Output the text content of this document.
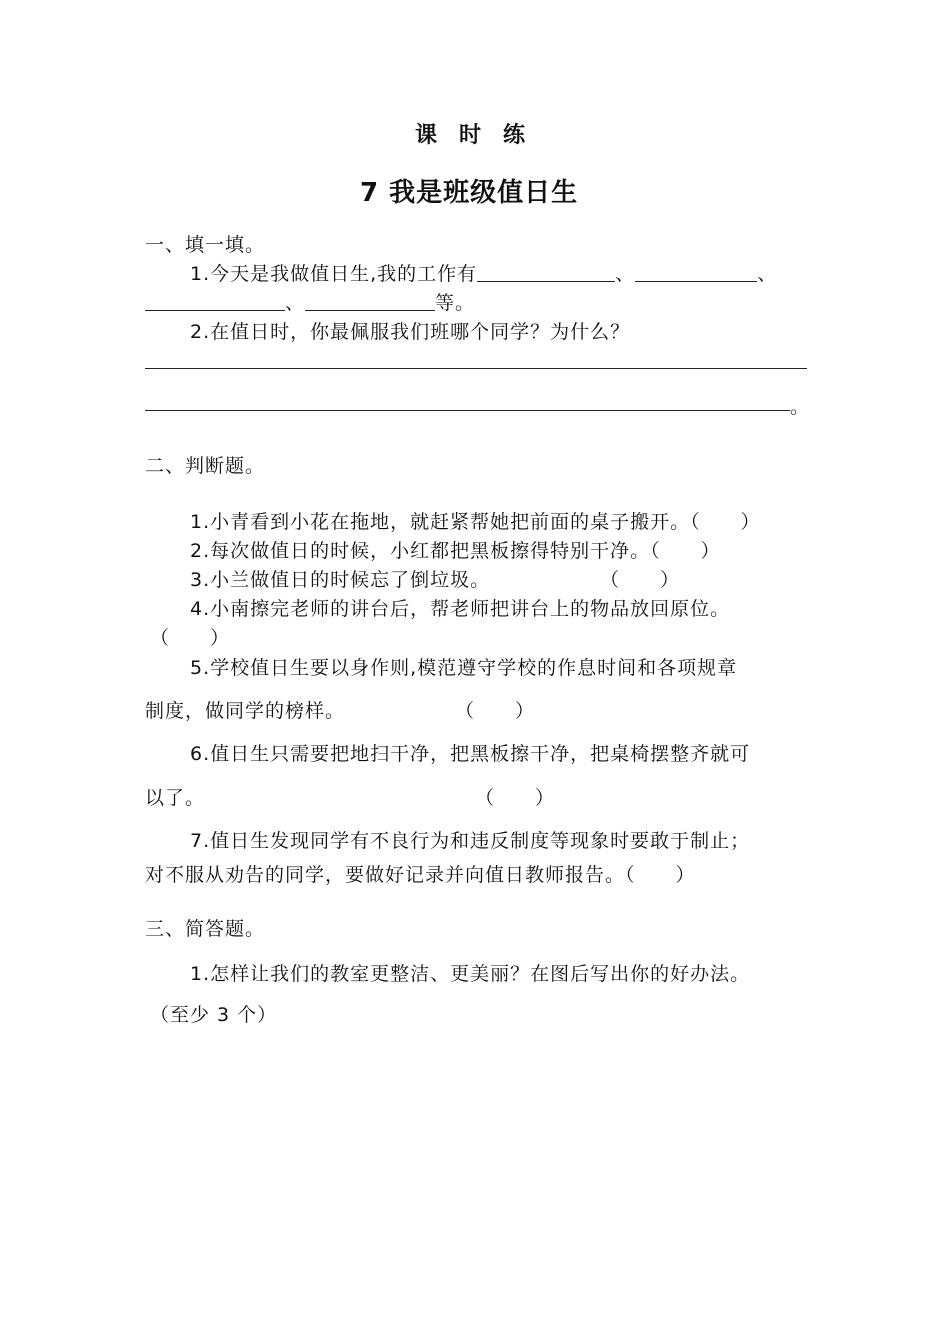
课　时　练
7 我是班级值日生
一、填一填。
1.今天是我做值日生,我的工作有	、	、
、	等。
2.在值日时，你最佩服我们班哪个同学？为什么？
。
二、判断题。
1.小青看到小花在拖地，就赶紧帮她把前面的桌子搬开。（　　）
2.每次做值日的时候，小红都把黑板擦得特别干净。（　　）
3.小兰做值日的时候忘了倒垃圾。	（　　）
4.小南擦完老师的讲台后，帮老师把讲台上的物品放回原位。
（　　）
5.学校值日生要以身作则,模范遵守学校的作息时间和各项规章
制度，做同学的榜样。	（　　）
6.值日生只需要把地扫干净，把黑板擦干净，把桌椅摆整齐就可
以了。	（　　）
7.值日生发现同学有不良行为和违反制度等现象时要敢于制止；
对不服从劝告的同学，要做好记录并向值日教师报告。（　　）
三、简答题。
1.怎样让我们的教室更整洁、更美丽？在图后写出你的好办法。
（至少 3 个）
